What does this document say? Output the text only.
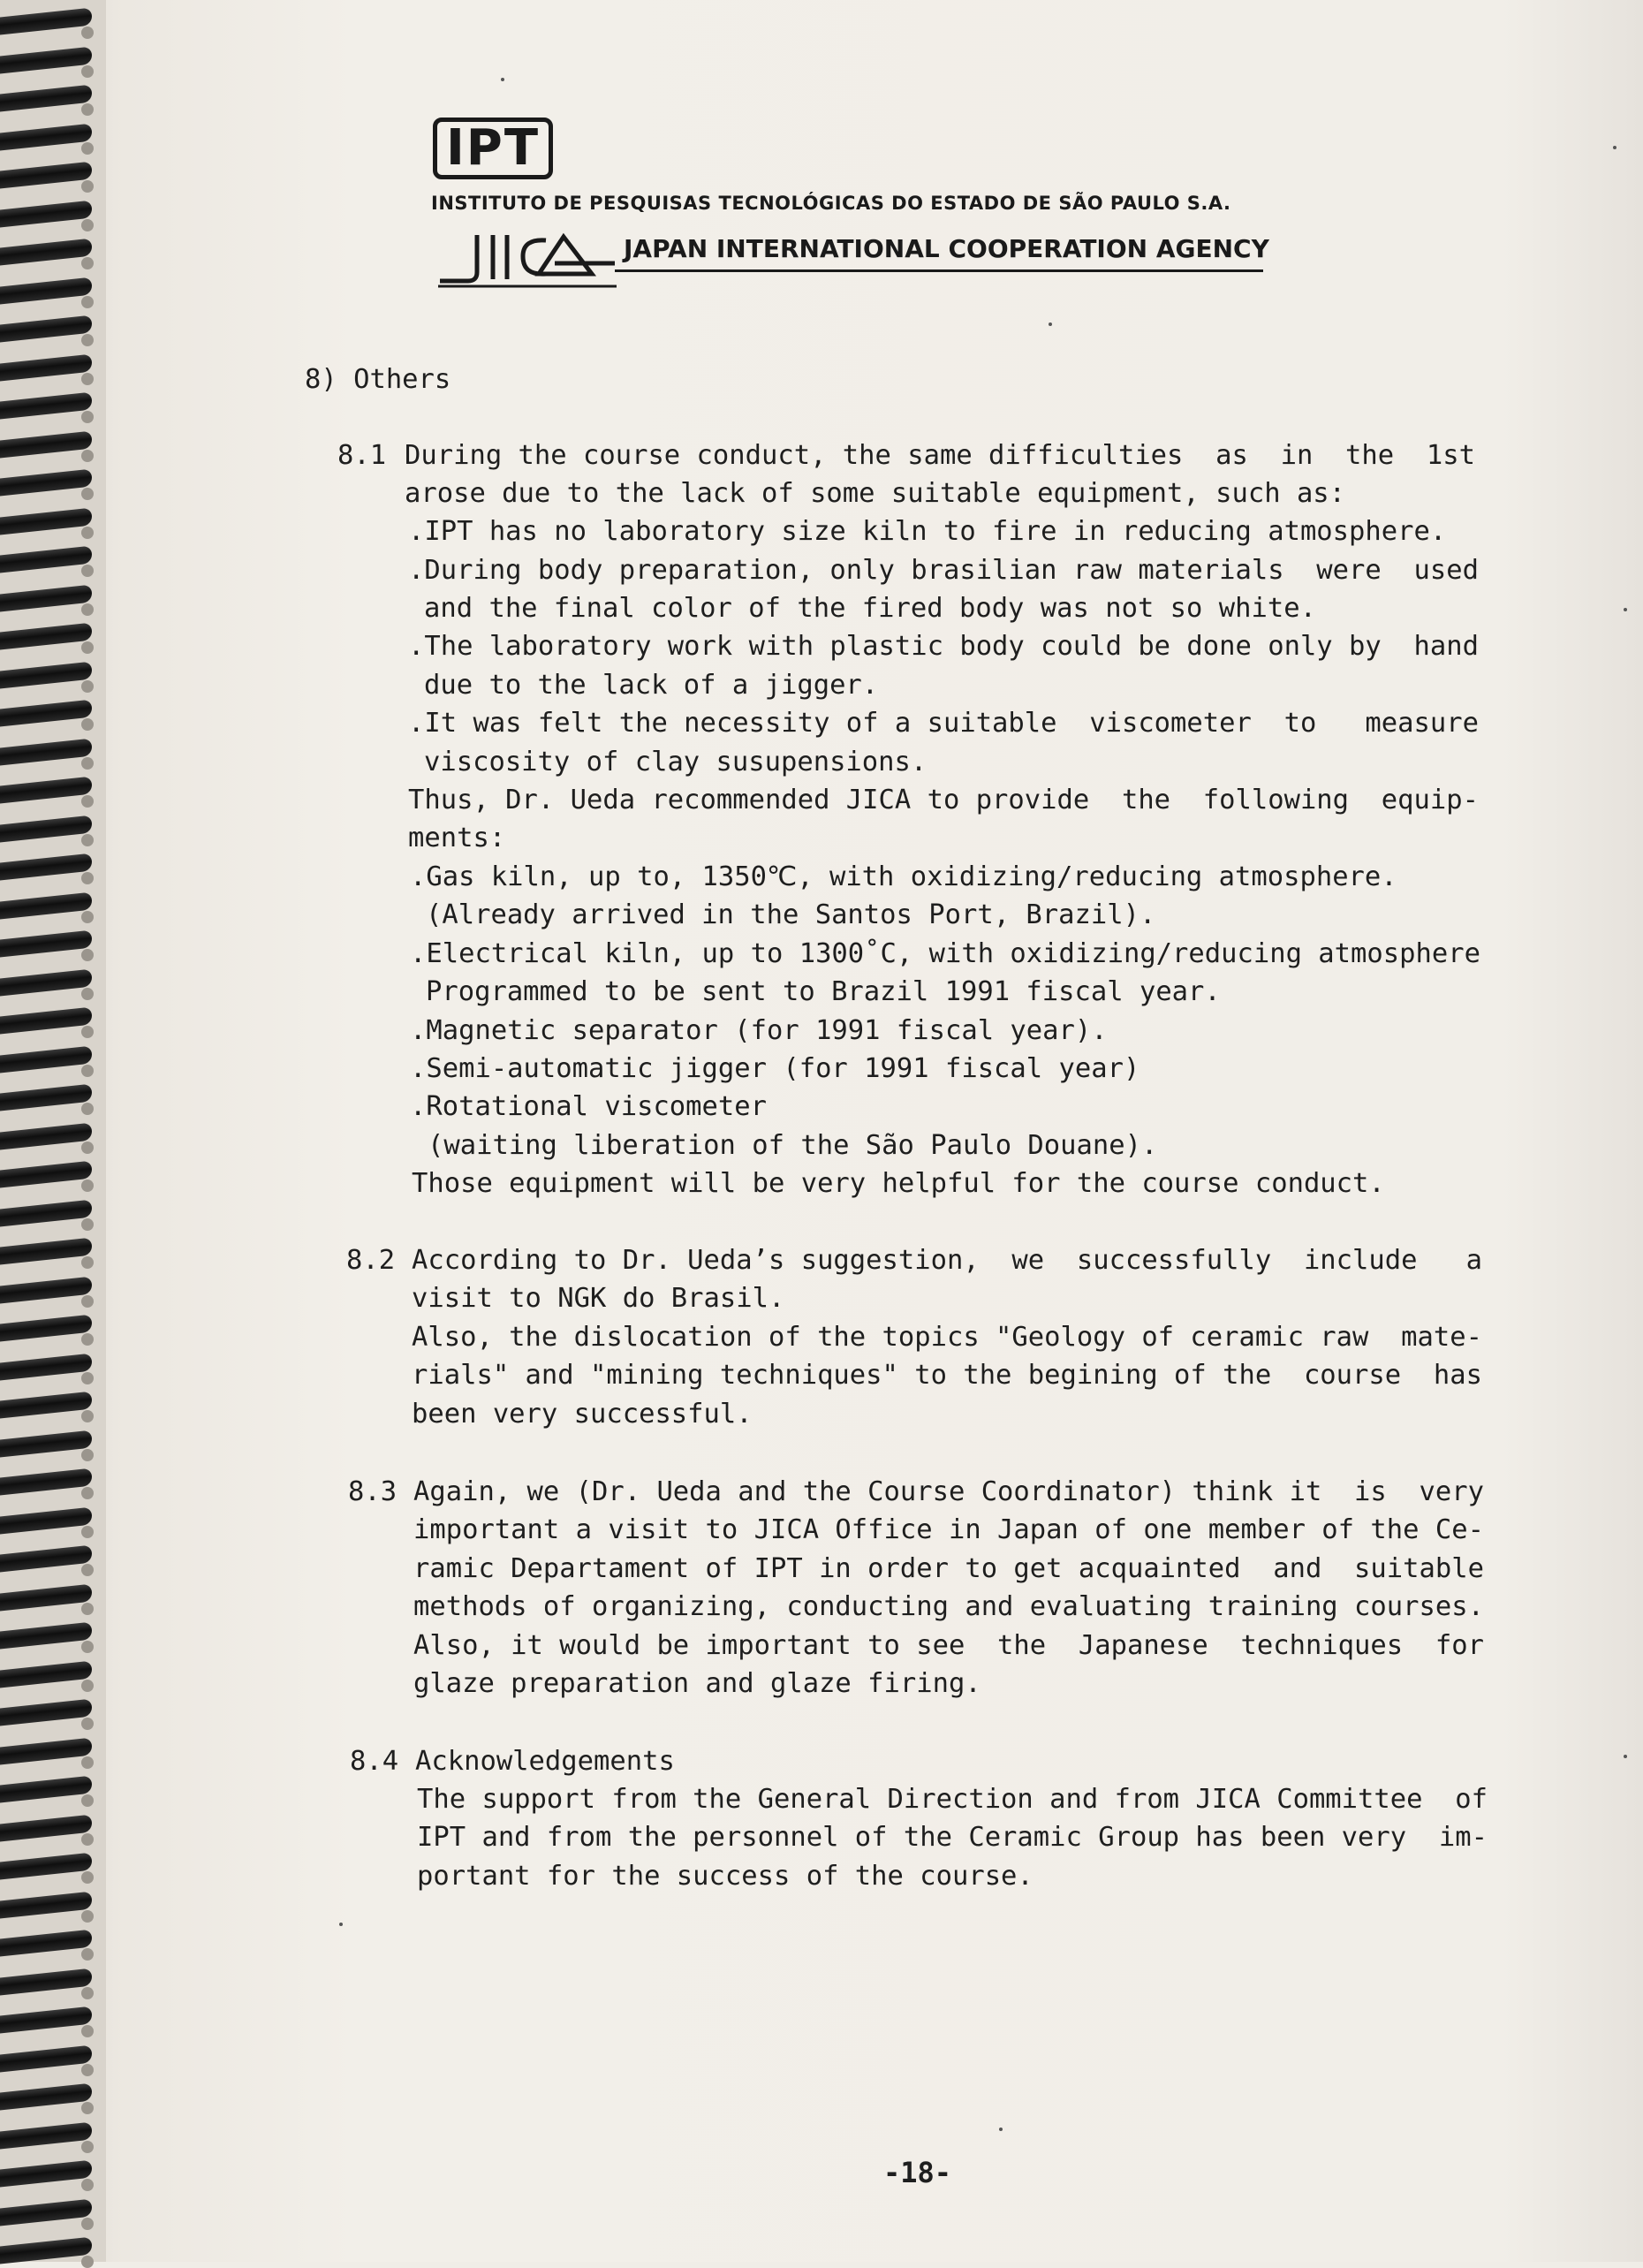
IPT
INSTITUTO DE PESQUISAS TECNOLÓGICAS DO ESTADO DE SÃO PAULO S.A.
JAPAN INTERNATIONAL COOPERATION AGENCY
8) Others
8.1 During the course conduct, the same difficulties  as  in  the  1st
arose due to the lack of some suitable equipment, such as:
.IPT has no laboratory size kiln to fire in reducing atmosphere.
.During body preparation, only brasilian raw materials  were  used
and the final color of the fired body was not so white.
.The laboratory work with plastic body could be done only by  hand
due to the lack of a jigger.
.It was felt the necessity of a suitable  viscometer  to   measure
viscosity of clay susupensions.
Thus, Dr. Ueda recommended JICA to provide  the  following  equip-
ments:
.Gas kiln, up to, 1350℃, with oxidizing/reducing atmosphere.
(Already arrived in the Santos Port, Brazil).
.Electrical kiln, up to 1300˚C, with oxidizing/reducing atmosphere
Programmed to be sent to Brazil 1991 fiscal year.
.Magnetic separator (for 1991 fiscal year).
.Semi-automatic jigger (for 1991 fiscal year)
.Rotational viscometer
(waiting liberation of the São Paulo Douane).
Those equipment will be very helpful for the course conduct.
8.2 According to Dr. Ueda’s suggestion,  we  successfully  include   a
visit to NGK do Brasil.
Also, the dislocation of the topics "Geology of ceramic raw  mate-
rials" and "mining techniques" to the begining of the  course  has
been very successful.
8.3 Again, we (Dr. Ueda and the Course Coordinator) think it  is  very
important a visit to JICA Office in Japan of one member of the Ce-
ramic Departament of IPT in order to get acquainted  and  suitable
methods of organizing, conducting and evaluating training courses.
Also, it would be important to see  the  Japanese  techniques  for
glaze preparation and glaze firing.
8.4 Acknowledgements
The support from the General Direction and from JICA Committee  of
IPT and from the personnel of the Ceramic Group has been very  im-
portant for the success of the course.
-18-
